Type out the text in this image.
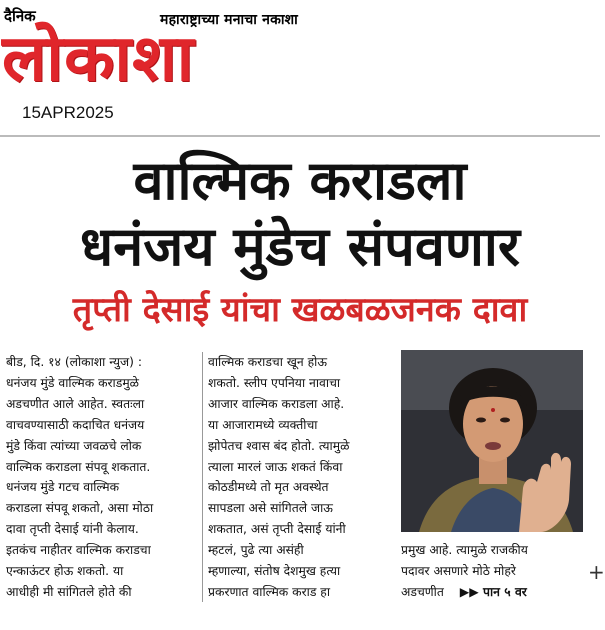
दैनिक	महाराष्ट्राच्या मनाचा नकाशा
लोकाशा
15APR2025
वाल्मिक कराडला
धनंजय मुंडेच संपवणार
तृप्ती देसाई यांचा खळबळजनक दावा
बीड, दि. १४ (लोकाशा न्युज) :
धनंजय मुंडे वाल्मिक कराडमुळे
अडचणीत आले आहेत. स्वतःला
वाचवण्यासाठी कदाचित धनंजय
मुंडे किंवा त्यांच्या जवळचे लोक
वाल्मिक कराडला संपवू शकतात.
धनंजय मुंडे गटच वाल्मिक
कराडला संपवू शकतो, असा मोठा
दावा तृप्ती देसाई यांनी केलाय.
इतकंच नाहीतर वाल्मिक कराडचा
एन्काऊंटर होऊ शकतो. या
आधीही मी सांगितले होते की
वाल्मिक कराडचा खून होऊ
शकतो. स्लीप एपनिया नावाचा
आजार वाल्मिक कराडला आहे.
या आजारामध्ये व्यक्तीचा
झोपेतच श्वास बंद होतो. त्यामुळे
त्याला मारलं जाऊ शकतं किंवा
कोठडीमध्ये तो मृत अवस्थेत
सापडला असे सांगितले जाऊ
शकतात, असं तृप्ती देसाई यांनी
म्हटलं, पुढे त्या असंही
म्हणाल्या, संतोष देशमुख हत्या
प्रकरणात वाल्मिक कराड हा
प्रमुख आहे. त्यामुळे राजकीय
पदावर असणारे मोठे मोहरे
अडचणीत ▶▶ पान ५ वर
+
